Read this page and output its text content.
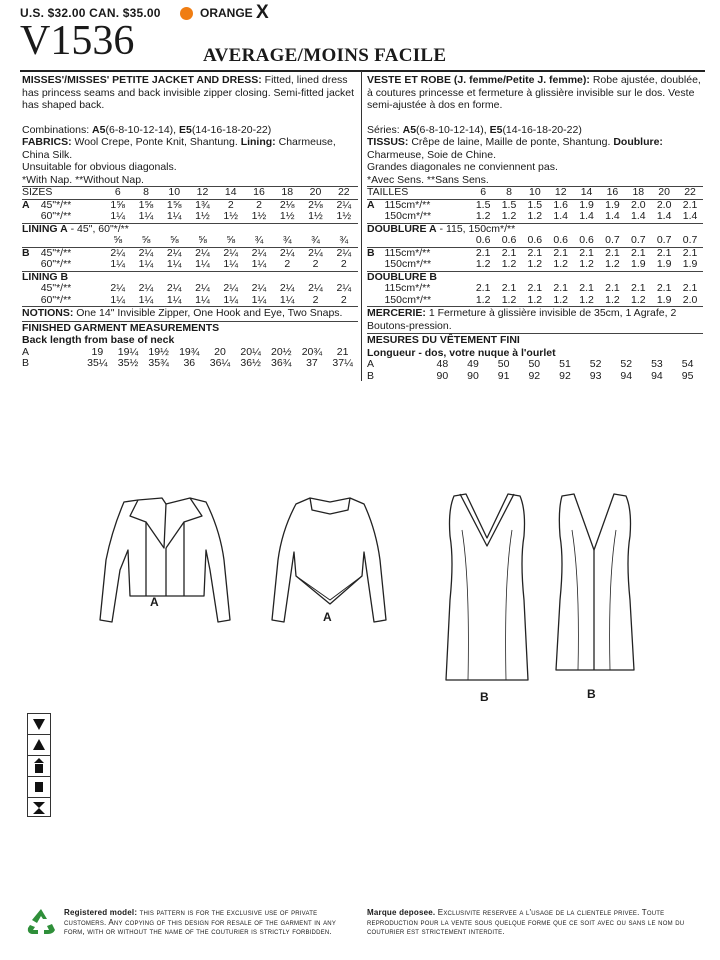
U.S. $32.00 CAN. $35.00	ORANGE X
V1536	AVERAGE/MOINS FACILE

MISSES'/MISSES' PETITE JACKET AND DRESS: Fitted, lined dress has princess seams and back invisible zipper closing. Semi-fitted jacket has shaped back.

Combinations: A5(6-8-10-12-14), E5(14-16-18-20-22)

FABRICS: Wool Crepe, Ponte Knit, Shantung. Lining: Charmeuse, China Silk.

Unsuitable for obvious diagonals.

*With Nap. **Without Nap.

SIZES		6	8	10	12	14	16	18	20	22
A	45"*/**	1⅝	1⅝	1⅝	1¾	2	2	2⅛	2⅛	2¼
	60"*/**	1¼	1¼	1¼	1½	1½	1½	1½	1½	1½
LINING A - 45", 60"*/**										
		⅝	⅝	⅝	⅝	⅝	¾	¾	¾	¾
B	45"*/**	2¼	2¼	2¼	2¼	2¼	2¼	2¼	2¼	2¼
	60"*/**	1¼	1¼	1¼	1¼	1¼	1¼	2	2	2
LINING B										
	45"*/**	2¼	2¼	2¼	2¼	2¼	2¼	2¼	2¼	2¼
	60"*/**	1¼	1¼	1¼	1¼	1¼	1¼	1¼	2	2

NOTIONS: One 14" Invisible Zipper, One Hook and Eye, Two Snaps.

FINISHED GARMENT MEASUREMENTS

Back length from base of neck

A	19	19¼	19½	19¾	20	20¼	20½	20¾	21
B	35¼	35½	35¾	36	36¼	36½	36¾	37	37¼

VESTE ET ROBE (J. femme/Petite J. femme): Robe ajustée, doublée, à coutures princesse et fermeture à glissière invisible sur le dos. Veste semi-ajustée à dos en forme.

Séries: A5(6-8-10-12-14), E5(14-16-18-20-22)

TISSUS: Crêpe de laine, Maille de ponte, Shantung. Doublure: Charmeuse, Soie de Chine.

Grandes diagonales ne conviennent pas.

*Avec Sens. **Sans Sens.

TAILLES		6	8	10	12	14	16	18	20	22
A	115cm*/**	1.5	1.5	1.5	1.6	1.9	1.9	2.0	2.0	2.1
	150cm*/**	1.2	1.2	1.2	1.4	1.4	1.4	1.4	1.4	1.4
DOUBLURE A - 115, 150cm*/**										
		0.6	0.6	0.6	0.6	0.6	0.7	0.7	0.7	0.7
B	115cm*/**	2.1	2.1	2.1	2.1	2.1	2.1	2.1	2.1	2.1
	150cm*/**	1.2	1.2	1.2	1.2	1.2	1.2	1.9	1.9	1.9
DOUBLURE B										
	115cm*/**	2.1	2.1	2.1	2.1	2.1	2.1	2.1	2.1	2.1
	150cm*/**	1.2	1.2	1.2	1.2	1.2	1.2	1.2	1.9	2.0

MERCERIE: 1 Fermeture à glissière invisible de 35cm, 1 Agrafe, 2 Boutons-pression.

MESURES DU VÊTEMENT FINI

Longueur - dos, votre nuque à l'ourlet

A	48	49	50	50	51	52	52	53	54
B	90	90	91	92	92	93	94	94	95
A
A
B	B
Registered model: this pattern is for the exclusive use of private customers. Any copying of this design for resale of the garment in any form, with or without the name of the couturier is strictly forbidden.
Marque deposee. Exclusivite reservee a l'usage de la clientele privee. Toute reproduction pour la vente sous quelque forme que ce soit avec ou sans le nom du couturier est strictement interdite.
